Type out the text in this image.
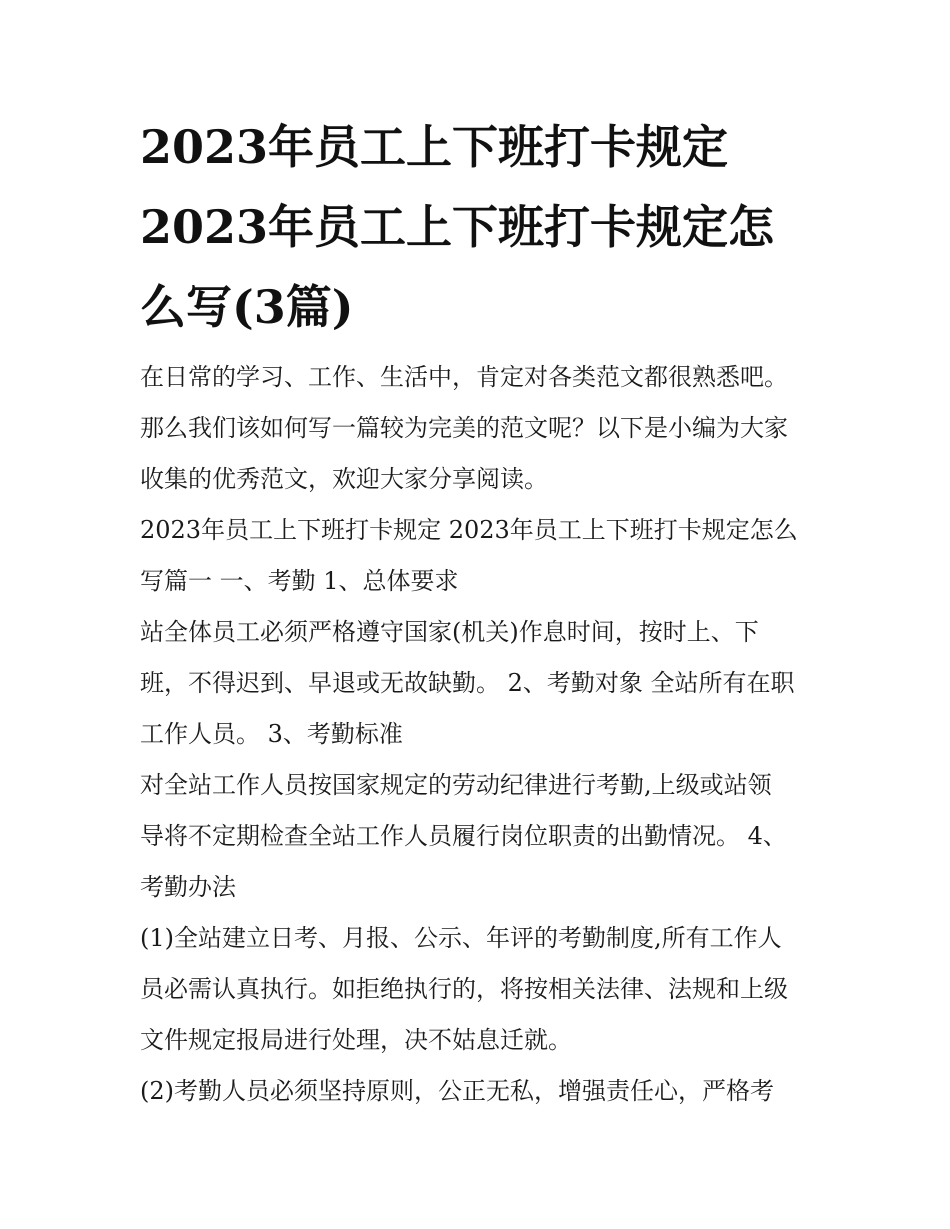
2023年员工上下班打卡规定
2023年员工上下班打卡规定怎
么写(3篇)

在日常的学习、工作、生活中，肯定对各类范文都很熟悉吧。
那么我们该如何写一篇较为完美的范文呢？以下是小编为大家
收集的优秀范文，欢迎大家分享阅读。

2023年员工上下班打卡规定 2023年员工上下班打卡规定怎么
写篇一 一、考勤 1、总体要求

站全体员工必须严格遵守国家(机关)作息时间，按时上、下
班，不得迟到、早退或无故缺勤。 2、考勤对象 全站所有在职
工作人员。 3、考勤标准

对全站工作人员按国家规定的劳动纪律进行考勤,上级或站领
导将不定期检查全站工作人员履行岗位职责的出勤情况。 4、
考勤办法

(1)全站建立日考、月报、公示、年评的考勤制度,所有工作人
员必需认真执行。如拒绝执行的，将按相关法律、法规和上级
文件规定报局进行处理，决不姑息迁就。

(2)考勤人员必须坚持原则，公正无私，增强责任心，严格考
